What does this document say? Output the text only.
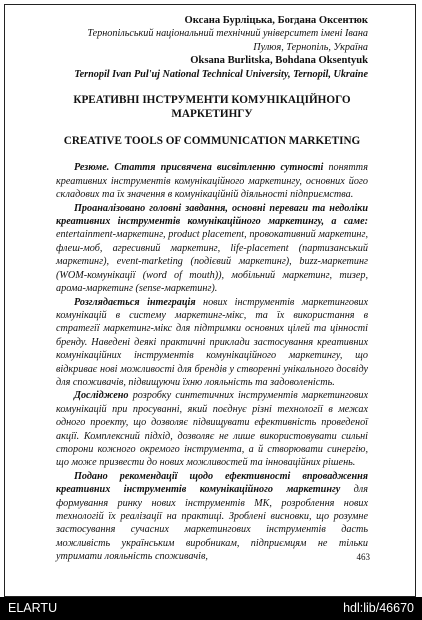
Оксана Бурліцька, Богдана Оксентюк
Тернопільський національний технічний університет імені Івана
Пулюя, Тернопіль, Україна
Oksana Burlitska, Bohdana Oksentyuk
Ternopil Ivan Pul'uj National Technical University, Ternopil, Ukraine
КРЕАТИВНІ ІНСТРУМЕНТИ КОМУНІКАЦІЙНОГО
МАРКЕТИНГУ
CREATIVE TOOLS OF COMMUNICATION MARKETING

Резюме. Стаття присвячена висвітленню сутності поняття креативних інструментів комунікаційного маркетингу, основних його складових та їх значення в комунікаційній діяльності підприємства.

Проаналізовано головні завдання, основні переваги та недоліки креативних інструментів комунікаційного маркетингу, а саме: entertainment-маркетинг, product placement, провокативний маркетинг, флеш-моб, агресивний маркетинг, life-placement (партизанський маркетинг), event-marketing (подієвий маркетинг), buzz-маркетинг (WOM-комунікації (word of mouth)), мобільний маркетинг, тизер, арома-маркетинг (sense-маркетинг).

Розглядається інтеграція нових інструментів маркетингових комунікацій в систему маркетинг-мікс, та їх використання в стратегії маркетинг-мікс для підтримки основних цілей та цінності бренду. Наведені деякі практичні приклади застосування креативних комунікаційних інструментів комунікаційного маркетингу, що відкриває нові можливості для брендів у створенні унікального досвіду для споживачів, підвищуючи їхню лояльність та задоволеність.

Досліджено розробку синтетичних інструментів маркетингових комунікацій при просуванні, який поєднує різні технології в межах одного проекту, що дозволяє підвищувати ефективність проведеної акції. Комплексний підхід, дозволяє не лише використовувати сильні сторони кожного окремого інструмента, а й створювати синергію, що може призвести до нових можливостей та інноваційних рішень.

Подано рекомендації щодо ефективності впровадження креативних інструментів комунікаційного маркетингу для формування ринку нових інструментів МК, розроблення нових технологій їх реалізації на практиці. Зроблені висновки, що розумне застосування сучасних маркетингових інструментів дасть можливість українським виробникам, підприємцям не тільки утримати лояльність споживачів,	463
ELARTU	hdl:lib/46670
